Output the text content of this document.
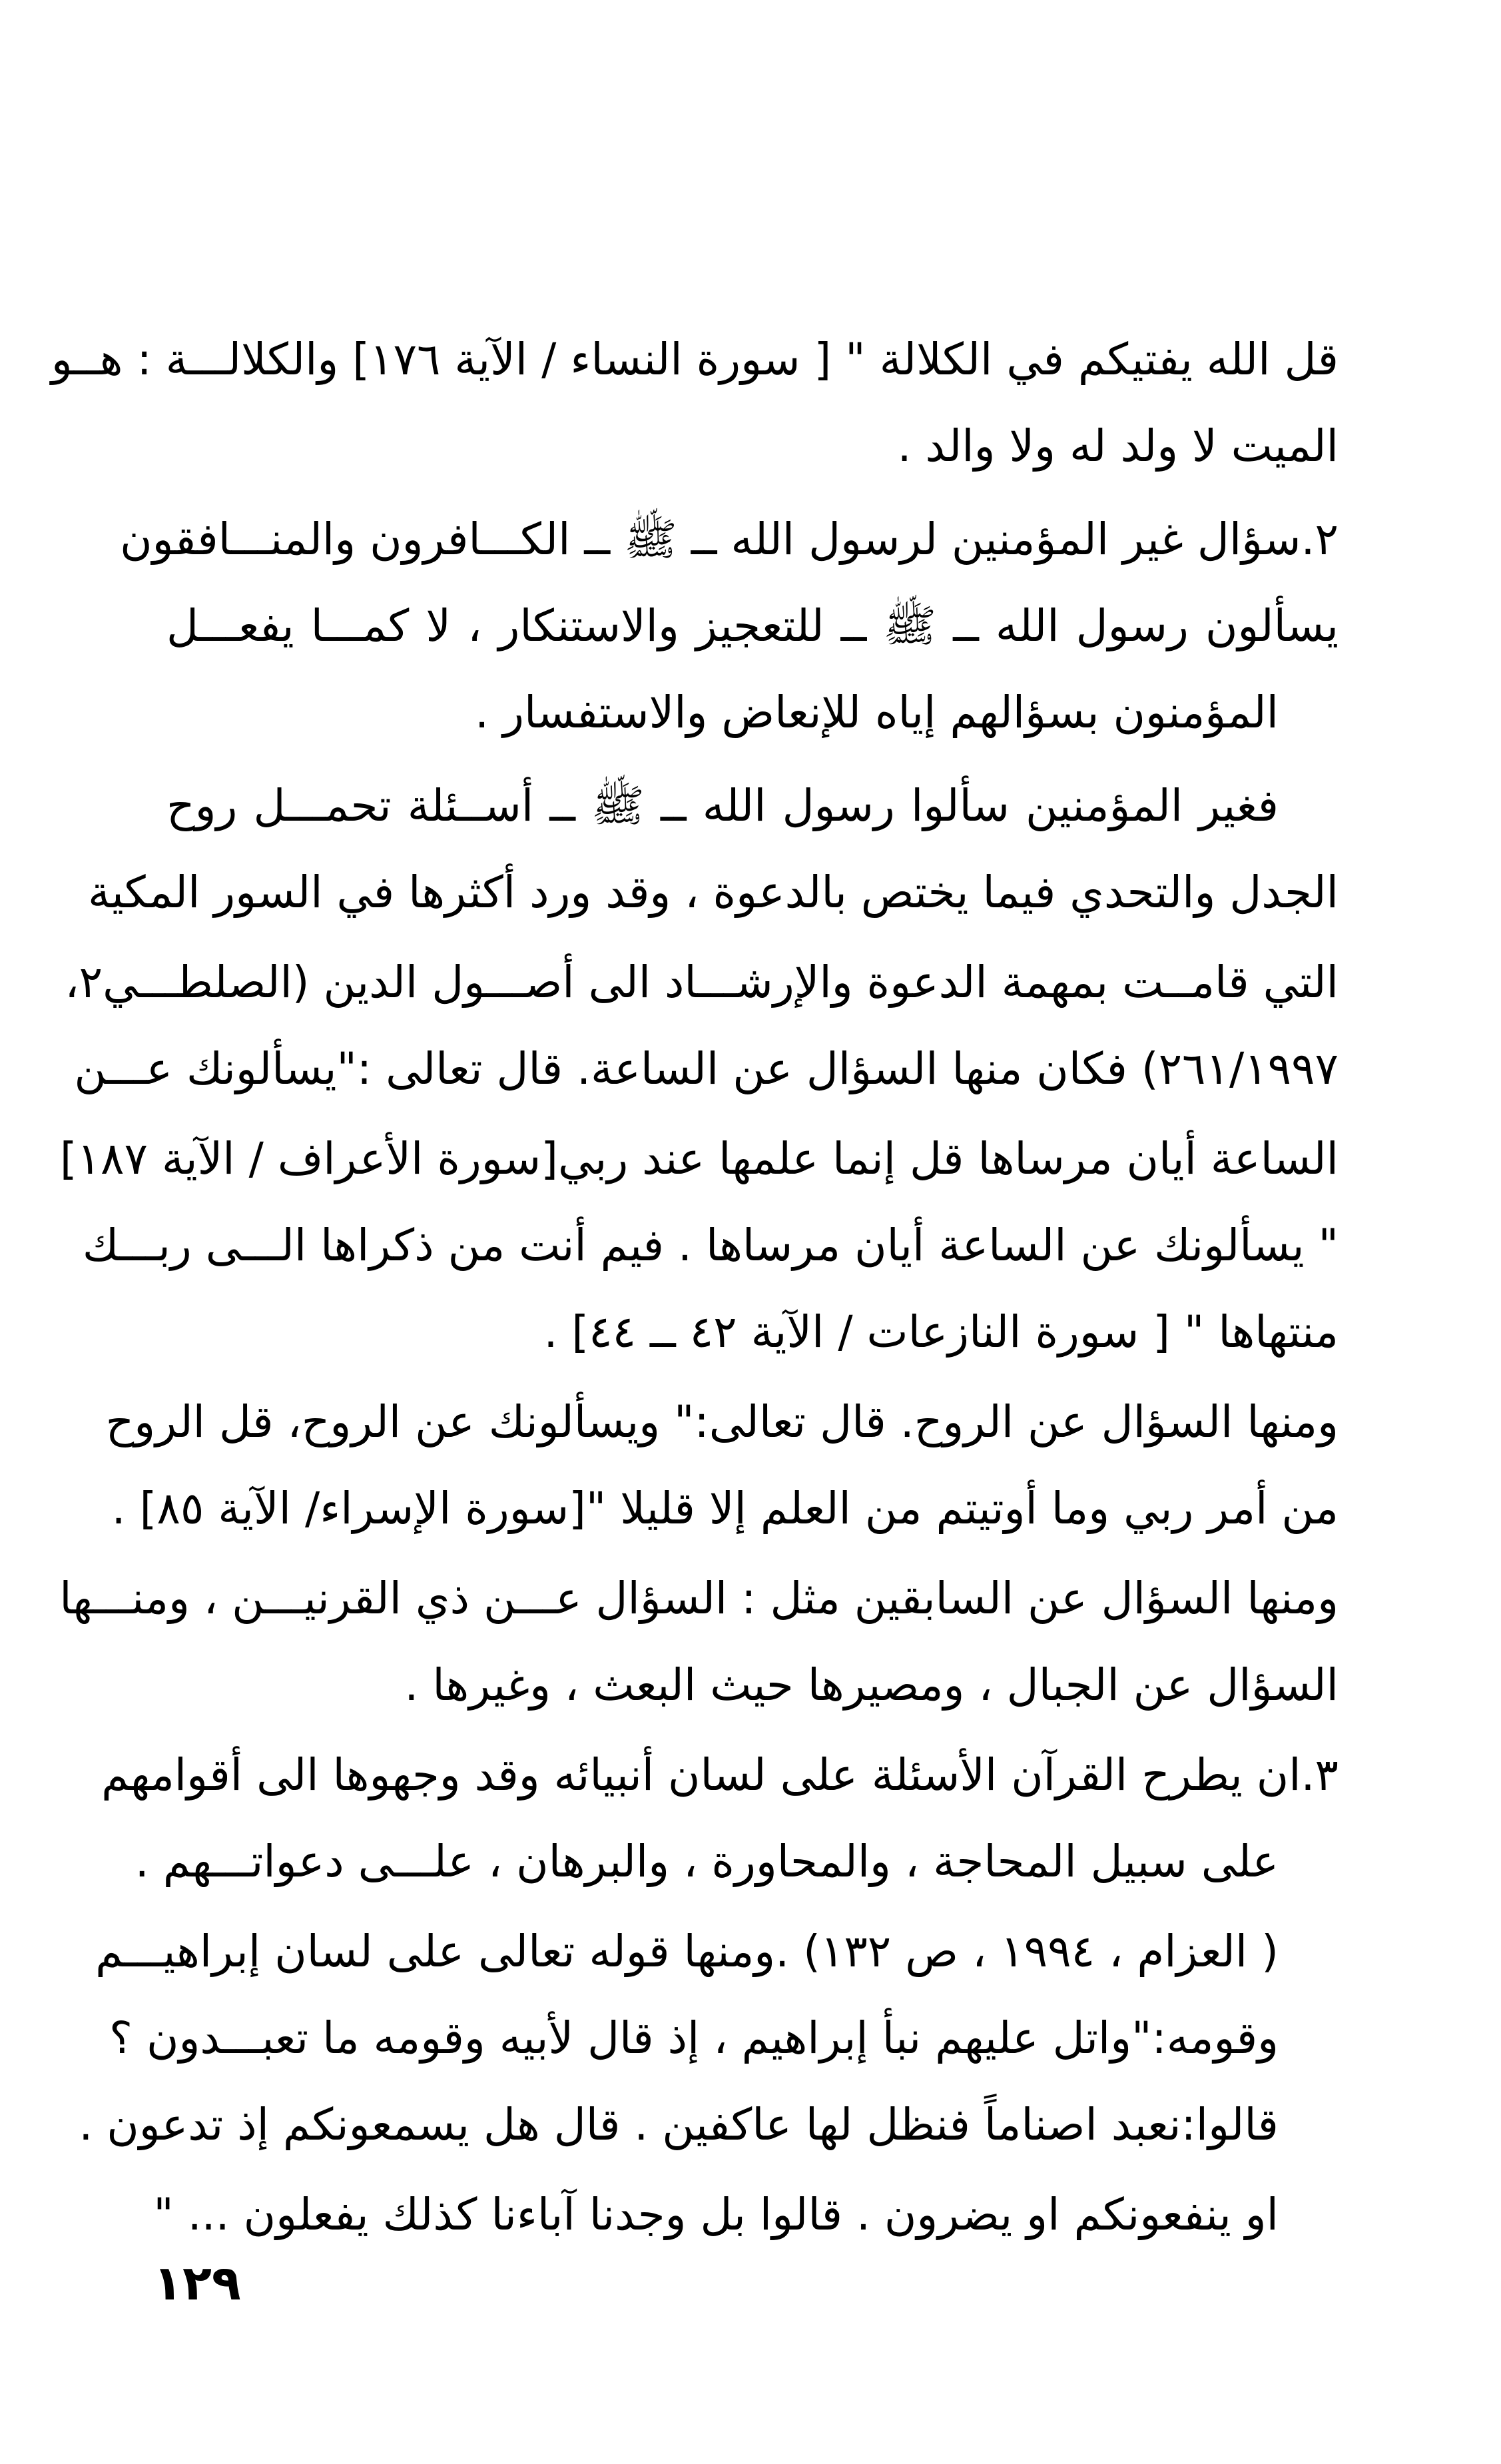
قل الله يفتيكم في الكلالة " [ سورة النساء / الآية ١٧٦] والكلالـــة : هــو
الميت لا ولد له ولا والد .
٢.سؤال غير المؤمنين لرسول الله ــ ﷺ ــ الكـــافرون والمنـــافقون
يسألون رسول الله ــ ﷺ ــ للتعجيز والاستنكار ، لا كمـــا يفعـــل
المؤمنون بسؤالهم إياه للإنعاض والاستفسار .
فغير المؤمنين سألوا رسول الله ــ ﷺ ــ أســئلة تحمـــل روح
الجدل والتحدي فيما يختص بالدعوة ، وقد ورد أكثرها في السور المكية
التي قامــت بمهمة الدعوة والإرشـــاد الى أصـــول الدين (الصلطـــي٢،
٢٦١/١٩٩٧) فكان منها السؤال عن الساعة. قال تعالى :"يسألونك عـــن
الساعة أيان مرساها قل إنما علمها عند ربي[سورة الأعراف / الآية ١٨٧]
" يسألونك عن الساعة أيان مرساها . فيم أنت من ذكراها الـــى ربـــك
منتهاها " [ سورة النازعات / الآية ٤٢ ــ ٤٤] .
ومنها السؤال عن الروح. قال تعالى:" ويسألونك عن الروح، قل الروح
من أمر ربي وما أوتيتم من العلم إلا قليلا "[سورة الإسراء/ الآية ٨٥] .
ومنها السؤال عن السابقين مثل : السؤال عـــن ذي القرنيـــن ، ومنـــها
السؤال عن الجبال ، ومصيرها حيث البعث ، وغيرها .
٣.ان يطرح القرآن الأسئلة على لسان أنبيائه وقد وجهوها الى أقوامهم
على سبيل المحاجة ، والمحاورة ، والبرهان ، علـــى دعواتـــهم .
( العزام ، ١٩٩٤ ، ص ١٣٢) .ومنها قوله تعالى على لسان إبراهيـــم
وقومه:"واتل عليهم نبأ إبراهيم ، إذ قال لأبيه وقومه ما تعبـــدون ؟
قالوا:نعبد اصناماً فنظل لها عاكفين . قال هل يسمعونكم إذ تدعون .
او ينفعونكم او يضرون . قالوا بل وجدنا آباءنا كذلك يفعلون ... "
١٢٩
